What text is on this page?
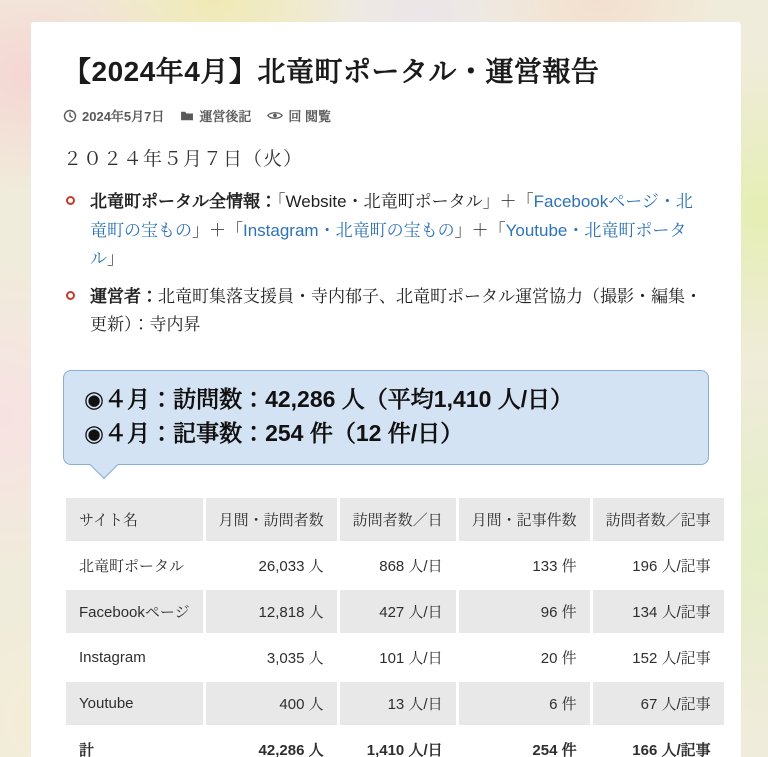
【2024年4月】北竜町ポータル・運営報告
2024年5月7日	運営後記	回 閲覧

２０２４年５月７日（火）

北竜町ポータル全情報：「Website・北竜町ポータル」＋「Facebookページ・北竜町の宝もの」＋「Instagram・北竜町の宝もの」＋「Youtube・北竜町ポータル」
運営者：北竜町集落支援員・寺内郁子、北竜町ポータル運営協力（撮影・編集・更新）：寺内昇
◉４月：訪問数：42,286 人（平均1,410 人/日）
◉４月：記事数：254 件（12 件/日）
サイト名	月間・訪問者数	訪問者数／日	月間・記事件数	訪問者数／記事
北竜町ポータル	26,033 人	868 人/日	133 件	196 人/記事
Facebookページ	12,818 人	427 人/日	96 件	134 人/記事
Instagram	3,035 人	101 人/日	20 件	152 人/記事
Youtube	400 人	13 人/日	6 件	67 人/記事
計	42,286 人	1,410 人/日	254 件	166 人/記事
